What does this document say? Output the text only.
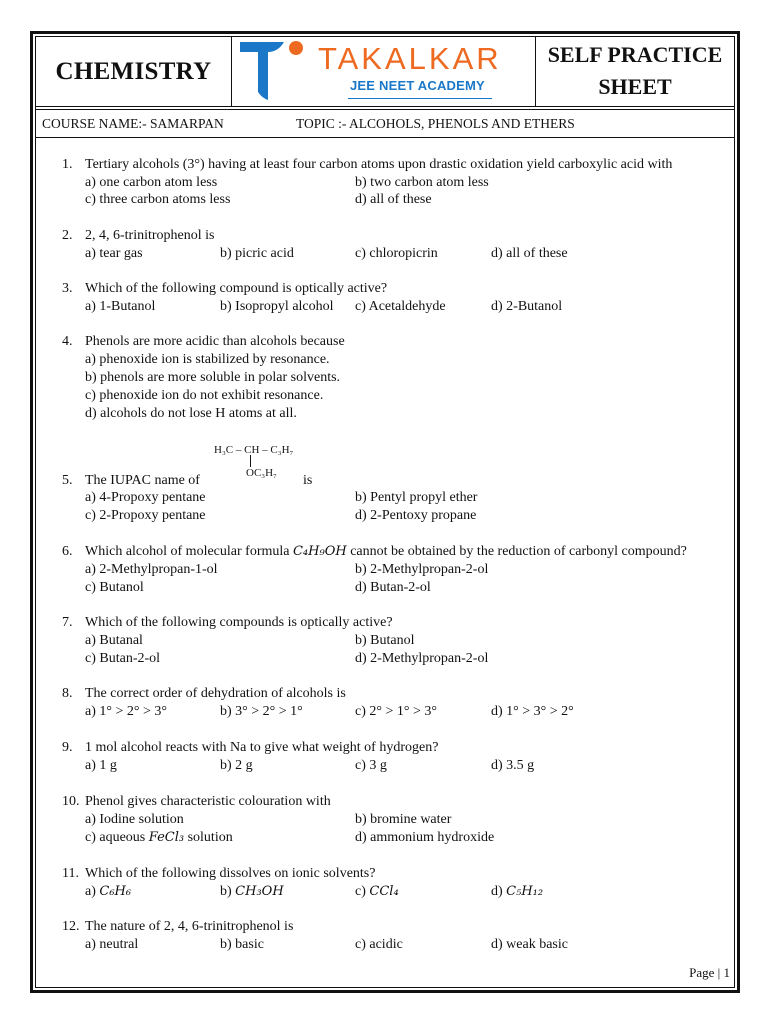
CHEMISTRY	TAKALKAR
JEE NEET ACADEMY
SELF PRACTICE
SHEET
COURSE NAME:- SAMARPAN	TOPIC :- ALCOHOLS, PHENOLS AND ETHERS
1. Tertiary alcohols (3°) having at least four carbon atoms upon drastic oxidation yield carboxylic acid with
a) one carbon atom less	b) two carbon atom less
c) three carbon atoms less	d) all of these
2. 2, 4, 6-trinitrophenol is
a) tear gas	b) picric acid	c) chloropicrin	d) all of these
3. Which of the following compound is optically active?
a) 1-Butanol	b) Isopropyl alcohol c) Acetaldehyde	d) 2-Butanol
4. Phenols are more acidic than alcohols because
a) phenoxide ion is stabilized by resonance.
b) phenols are more soluble in polar solvents.
c) phenoxide ion do not exhibit resonance.
d) alcohols do not lose H atoms at all.
H₃C – CH – C₃H₇
OC₃H₇
5. The IUPAC name of	is
a) 4-Propoxy pentane	b) Pentyl propyl ether
c) 2-Propoxy pentane	d) 2-Pentoxy propane
6. Which alcohol of molecular formula C₄H₉OH cannot be obtained by the reduction of carbonyl compound?
a) 2-Methylpropan-1-ol	b) 2-Methylpropan-2-ol
c) Butanol	d) Butan-2-ol
7. Which of the following compounds is optically active?
a) Butanal	b) Butanol
c) Butan-2-ol	d) 2-Methylpropan-2-ol
8. The correct order of dehydration of alcohols is
a) 1° > 2° > 3°	b) 3° > 2° > 1°	c) 2° > 1° > 3°	d) 1° > 3° > 2°
9. 1 mol alcohol reacts with Na to give what weight of hydrogen?
a) 1 g	b) 2 g	c) 3 g	d) 3.5 g
10. Phenol gives characteristic colouration with
a) Iodine solution	b) bromine water
c) aqueous FeCl₃ solution	d) ammonium hydroxide
11. Which of the following dissolves on ionic solvents?
a) C₆H₆	b) CH₃OH	c) CCl₄	d) C₅H₁₂
12. The nature of 2, 4, 6-trinitrophenol is
a) neutral	b) basic	c) acidic	d) weak basic
Page | 1
